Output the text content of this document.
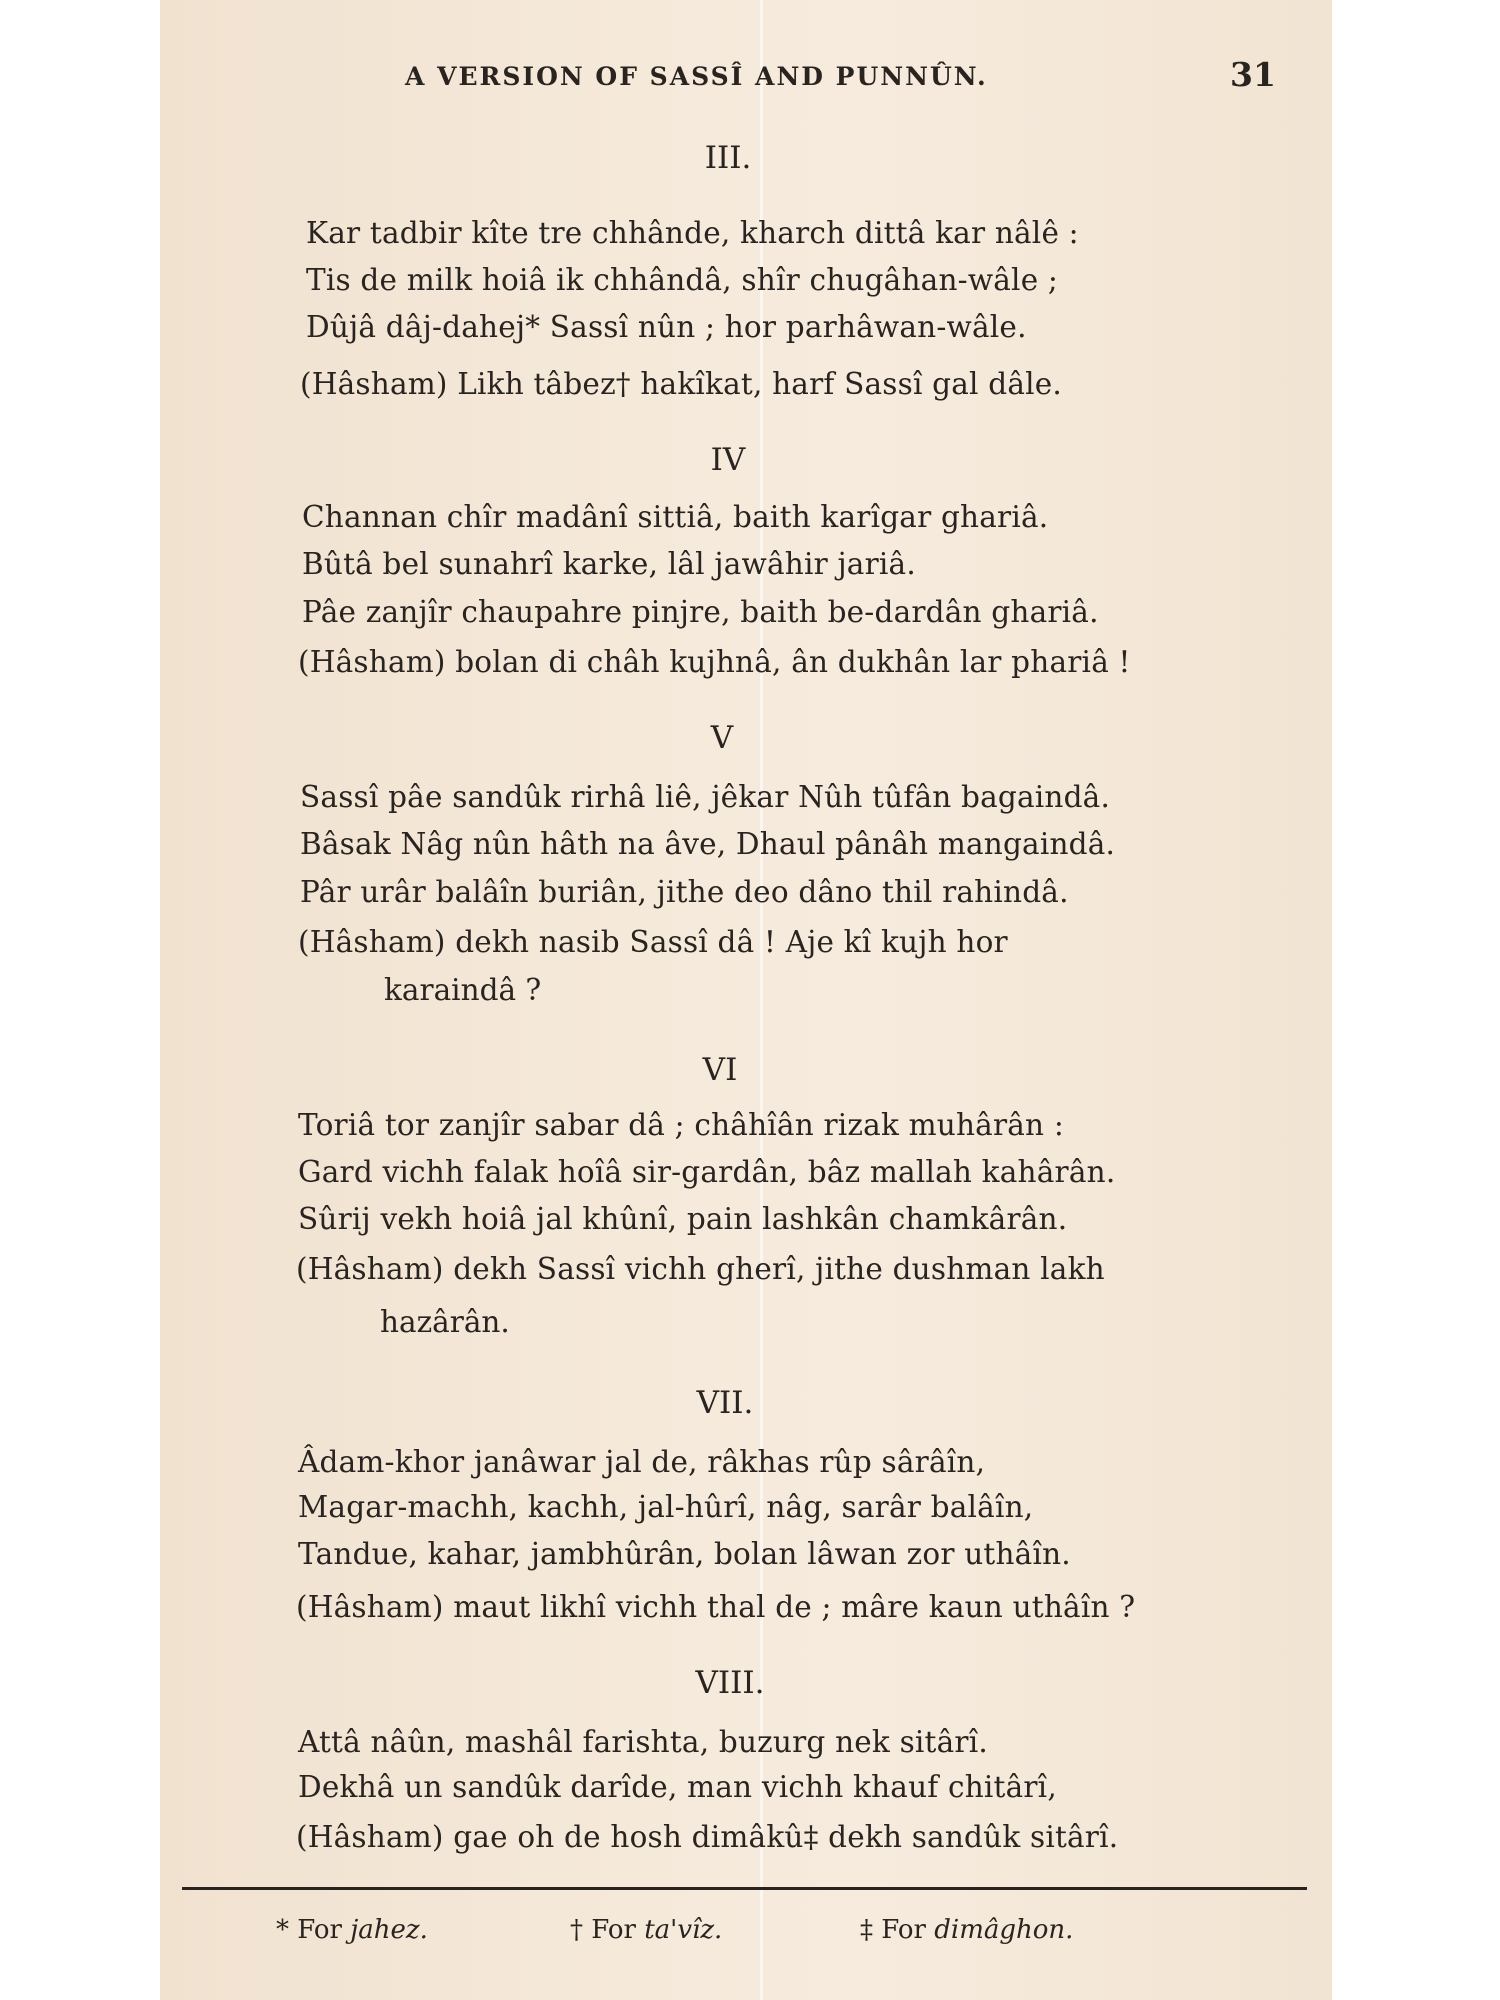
A VERSION OF SASSÎ AND PUNNÛN.	31
III.
Kar tadbir kîte tre chhânde, kharch dittâ kar nâlê :
Tis de milk hoiâ ik chhândâ, shîr chugâhan-wâle ;
Dûjâ dâj-dahej* Sassî nûn ; hor parhâwan-wâle.
(Hâsham) Likh tâbez† hakîkat, harf Sassî gal dâle.
IV
Channan chîr madânî sittiâ, baith karîgar ghariâ.
Bûtâ bel sunahrî karke, lâl jawâhir jariâ.
Pâe zanjîr chaupahre pinjre, baith be-dardân ghariâ.
(Hâsham) bolan di châh kujhnâ, ân dukhân lar phariâ !
V
Sassî pâe sandûk rirhâ liê, jêkar Nûh tûfân bagaindâ.
Bâsak Nâg nûn hâth na âve, Dhaul pânâh mangaindâ.
Pâr urâr balâîn buriân, jithe deo dâno thil rahindâ.
(Hâsham) dekh nasib Sassî dâ ! Aje kî kujh hor
karaindâ ?
VI
Toriâ tor zanjîr sabar dâ ; châhîân rizak muhârân :
Gard vichh falak hoîâ sir-gardân, bâz mallah kahârân.
Sûrij vekh hoiâ jal khûnî, pain lashkân chamkârân.
(Hâsham) dekh Sassî vichh gherî, jithe dushman lakh
hazârân.
VII.
Âdam-khor janâwar jal de, râkhas rûp sârâîn,
Magar-machh, kachh, jal-hûrî, nâg, sarâr balâîn,
Tandue, kahar, jambhûrân, bolan lâwan zor uthâîn.
(Hâsham) maut likhî vichh thal de ; mâre kaun uthâîn ?
VIII.
Attâ nâûn, mashâl farishta, buzurg nek sitârî.
Dekhâ un sandûk darîde, man vichh khauf chitârî,
(Hâsham) gae oh de hosh dimâkû‡ dekh sandûk sitârî.
* For jahez.	† For ta'vîz.	‡ For dimâghon.
